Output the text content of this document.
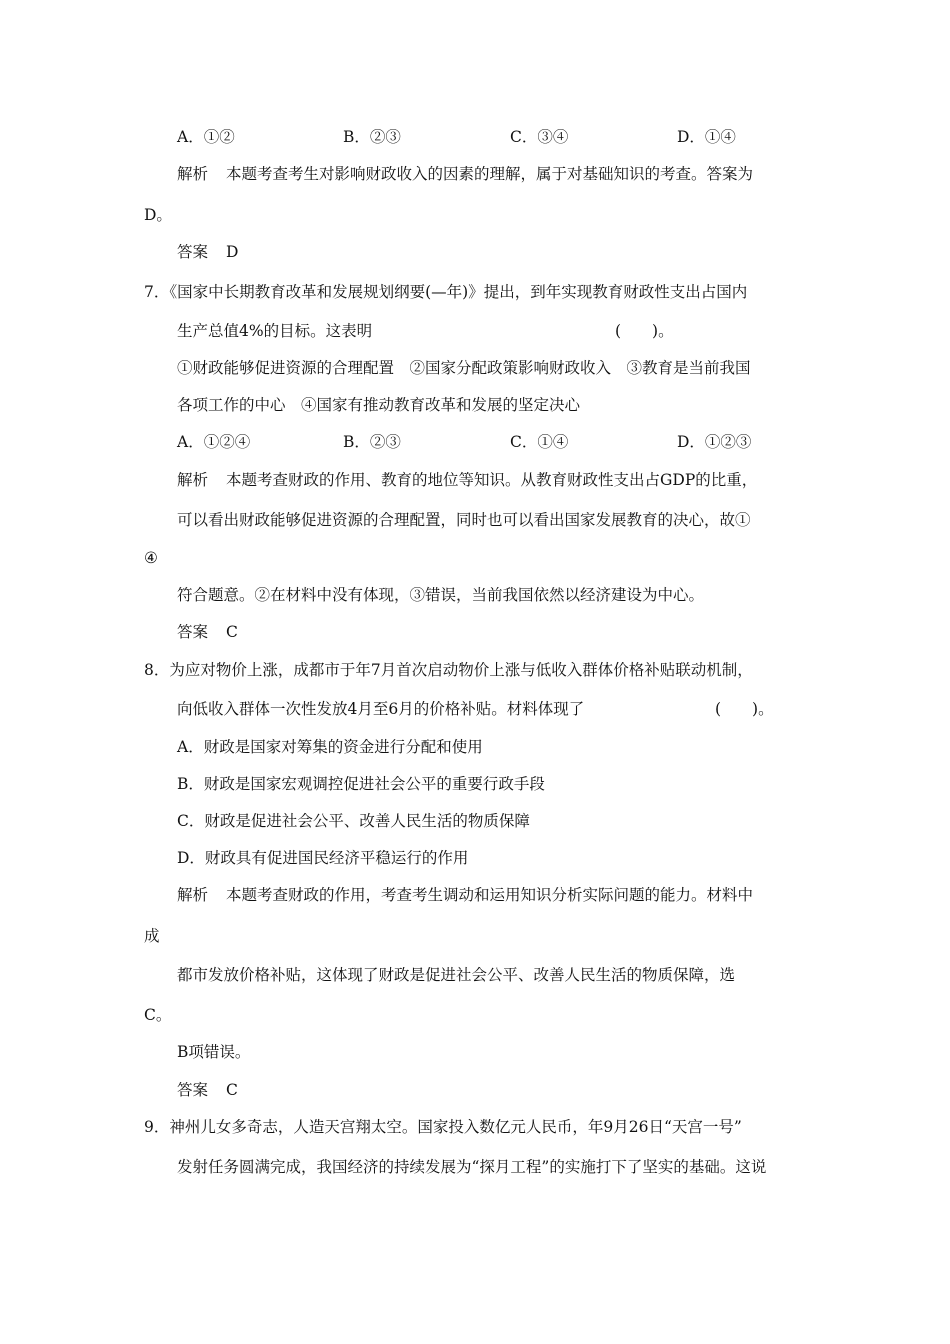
A．①②	B．②③	C．③④	D．①④
解析 本题考查考生对影响财政收入的因素的理解，属于对基础知识的考查。答案为
D。
答案 D
7．《国家中长期教育改革和发展规划纲要(—年)》提出，到年实现教育财政性支出占国内
生产总值4%的目标。这表明	(　　)。
①财政能够促进资源的合理配置　②国家分配政策影响财政收入　③教育是当前我国
各项工作的中心　④国家有推动教育改革和发展的坚定决心
A．①②④	B．②③	C．①④	D．①②③
解析 本题考查财政的作用、教育的地位等知识。从教育财政性支出占GDP的比重，
可以看出财政能够促进资源的合理配置，同时也可以看出国家发展教育的决心，故①
④
符合题意。②在材料中没有体现，③错误，当前我国依然以经济建设为中心。
答案 C
8．为应对物价上涨，成都市于年7月首次启动物价上涨与低收入群体价格补贴联动机制，
向低收入群体一次性发放4月至6月的价格补贴。材料体现了	(　　)。
A．财政是国家对筹集的资金进行分配和使用
B．财政是国家宏观调控促进社会公平的重要行政手段
C．财政是促进社会公平、改善人民生活的物质保障
D．财政具有促进国民经济平稳运行的作用
解析 本题考查财政的作用，考查考生调动和运用知识分析实际问题的能力。材料中
成
都市发放价格补贴，这体现了财政是促进社会公平、改善人民生活的物质保障，选
C。
B项错误。
答案 C
9．神州儿女多奇志，人造天宫翔太空。国家投入数亿元人民币，年9月26日“天宫一号”
发射任务圆满完成，我国经济的持续发展为“探月工程”的实施打下了坚实的基础。这说
